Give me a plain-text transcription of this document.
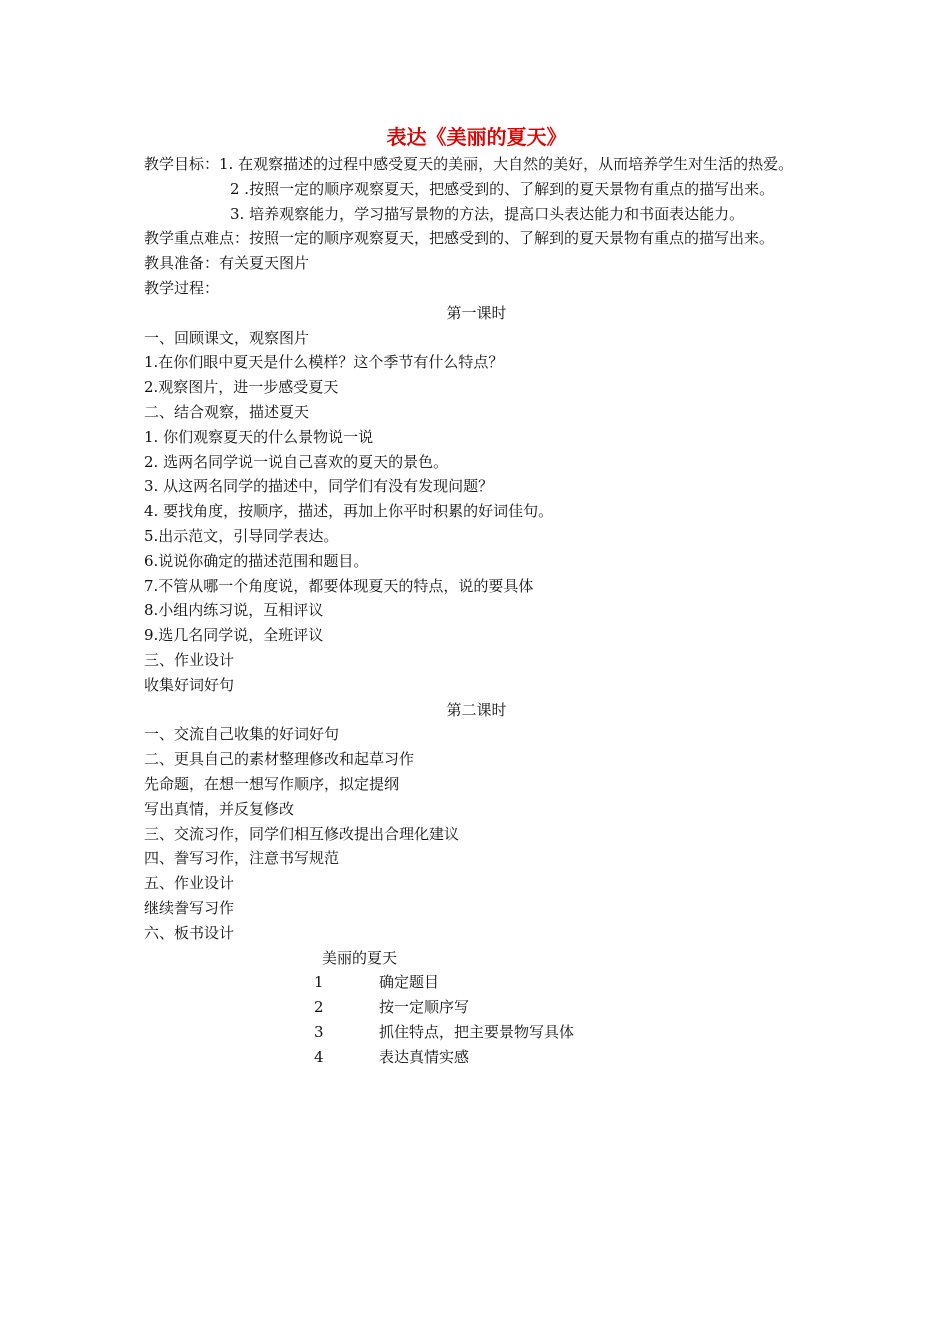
表达《美丽的夏天》

教学目标：1. 在观察描述的过程中感受夏天的美丽，大自然的美好，从而培养学生对生活的热爱。

2 .按照一定的顺序观察夏天，把感受到的、了解到的夏天景物有重点的描写出来。

3. 培养观察能力，学习描写景物的方法，提高口头表达能力和书面表达能力。

教学重点难点：按照一定的顺序观察夏天，把感受到的、了解到的夏天景物有重点的描写出来。

教具准备：有关夏天图片

教学过程：

第一课时

一、回顾课文，观察图片

1.在你们眼中夏天是什么模样？这个季节有什么特点？

2.观察图片，进一步感受夏天

二、结合观察，描述夏天

1. 你们观察夏天的什么景物说一说

2. 选两名同学说一说自己喜欢的夏天的景色。

3. 从这两名同学的描述中，同学们有没有发现问题？

4. 要找角度，按顺序，描述，再加上你平时积累的好词佳句。

5.出示范文，引导同学表达。

6.说说你确定的描述范围和题目。

7.不管从哪一个角度说，都要体现夏天的特点，说的要具体

8.小组内练习说，互相评议

9.选几名同学说，全班评议

三、作业设计

收集好词好句

第二课时

一、交流自己收集的好词好句

二、更具自己的素材整理修改和起草习作

先命题，在想一想写作顺序，拟定提纲

写出真情，并反复修改

三、交流习作，同学们相互修改提出合理化建议

四、誊写习作，注意书写规范

五、作业设计

继续誊写习作

六、板书设计

美丽的夏天

1	确定题目
2	按一定顺序写
3	抓住特点，把主要景物写具体
4	表达真情实感
